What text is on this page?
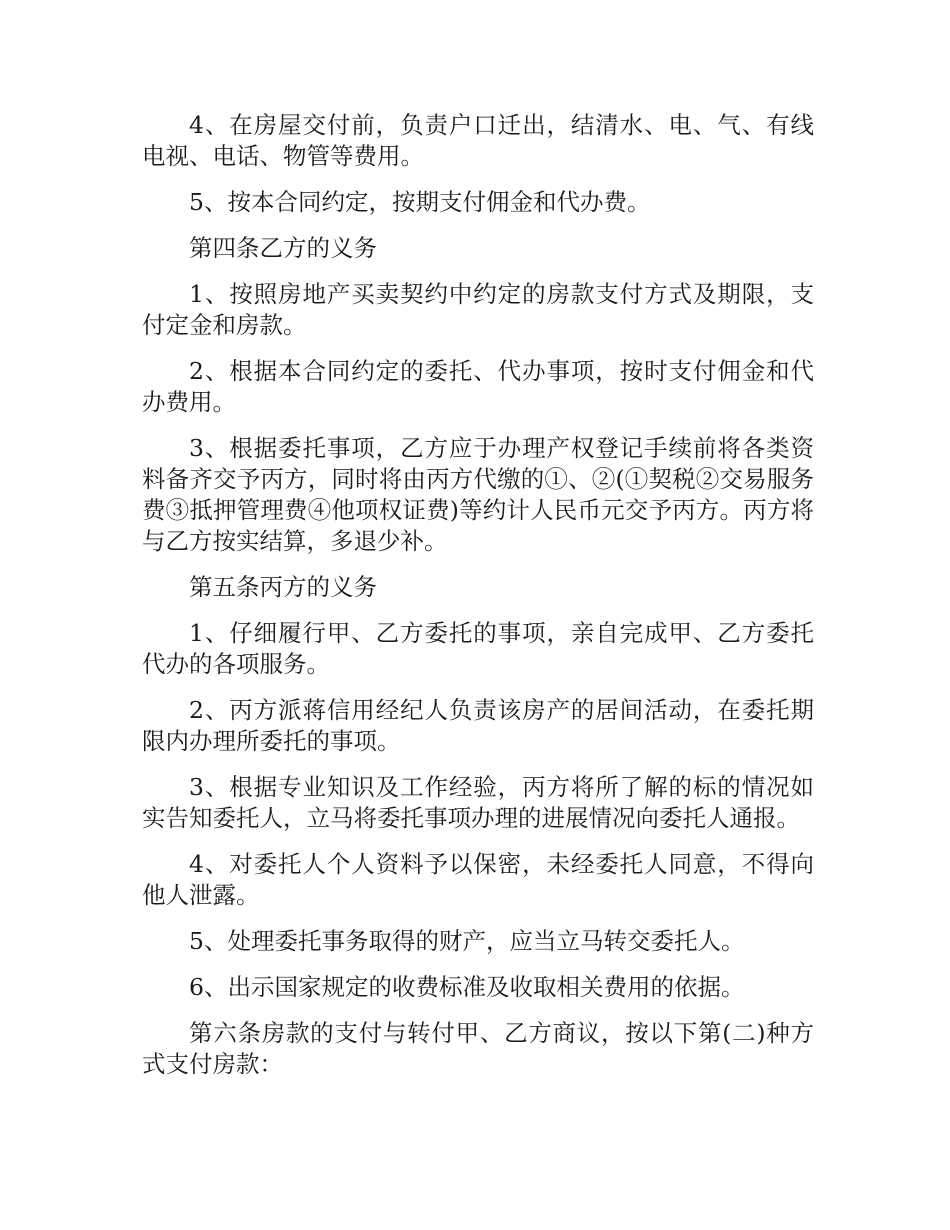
4、在房屋交付前，负责户口迁出，结清水、电、气、有线电视、电话、物管等费用。

5、按本合同约定，按期支付佣金和代办费。

第四条乙方的义务

1、按照房地产买卖契约中约定的房款支付方式及期限，支付定金和房款。

2、根据本合同约定的委托、代办事项，按时支付佣金和代办费用。

3、根据委托事项，乙方应于办理产权登记手续前将各类资料备齐交予丙方，同时将由丙方代缴的①、②(①契税②交易服务费③抵押管理费④他项权证费)等约计人民币元交予丙方。丙方将与乙方按实结算，多退少补。

第五条丙方的义务

1、仔细履行甲、乙方委托的事项，亲自完成甲、乙方委托代办的各项服务。

2、丙方派蒋信用经纪人负责该房产的居间活动，在委托期限内办理所委托的事项。

3、根据专业知识及工作经验，丙方将所了解的标的情况如实告知委托人，立马将委托事项办理的进展情况向委托人通报。

4、对委托人个人资料予以保密，未经委托人同意，不得向他人泄露。

5、处理委托事务取得的财产，应当立马转交委托人。

6、出示国家规定的收费标准及收取相关费用的依据。

第六条房款的支付与转付甲、乙方商议，按以下第(二)种方式支付房款：
